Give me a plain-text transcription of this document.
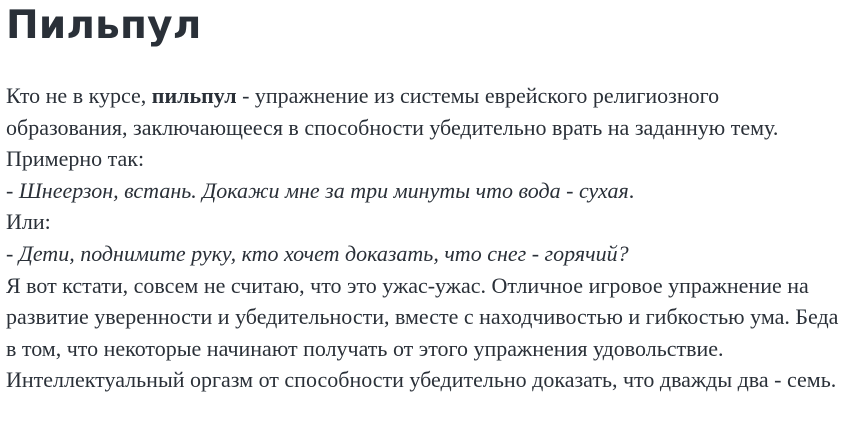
Пильпул

Кто не в курсе, пильпул - упражнение из системы еврейского религиозного образования, заключающееся в способности убедительно врать на заданную тему.

Примерно так:

- Шнеерзон, встань. Докажи мне за три минуты что вода - сухая.

Или:

- Дети, поднимите руку, кто хочет доказать, что снег - горячий?

Я вот кстати, совсем не считаю, что это ужас-ужас. Отличное игровое упражнение на развитие уверенности и убедительности, вместе с находчивостью и гибкостью ума. Беда в том, что некоторые начинают получать от этого упражнения удовольствие. Интеллектуальный оргазм от способности убедительно доказать, что дважды два - семь.
